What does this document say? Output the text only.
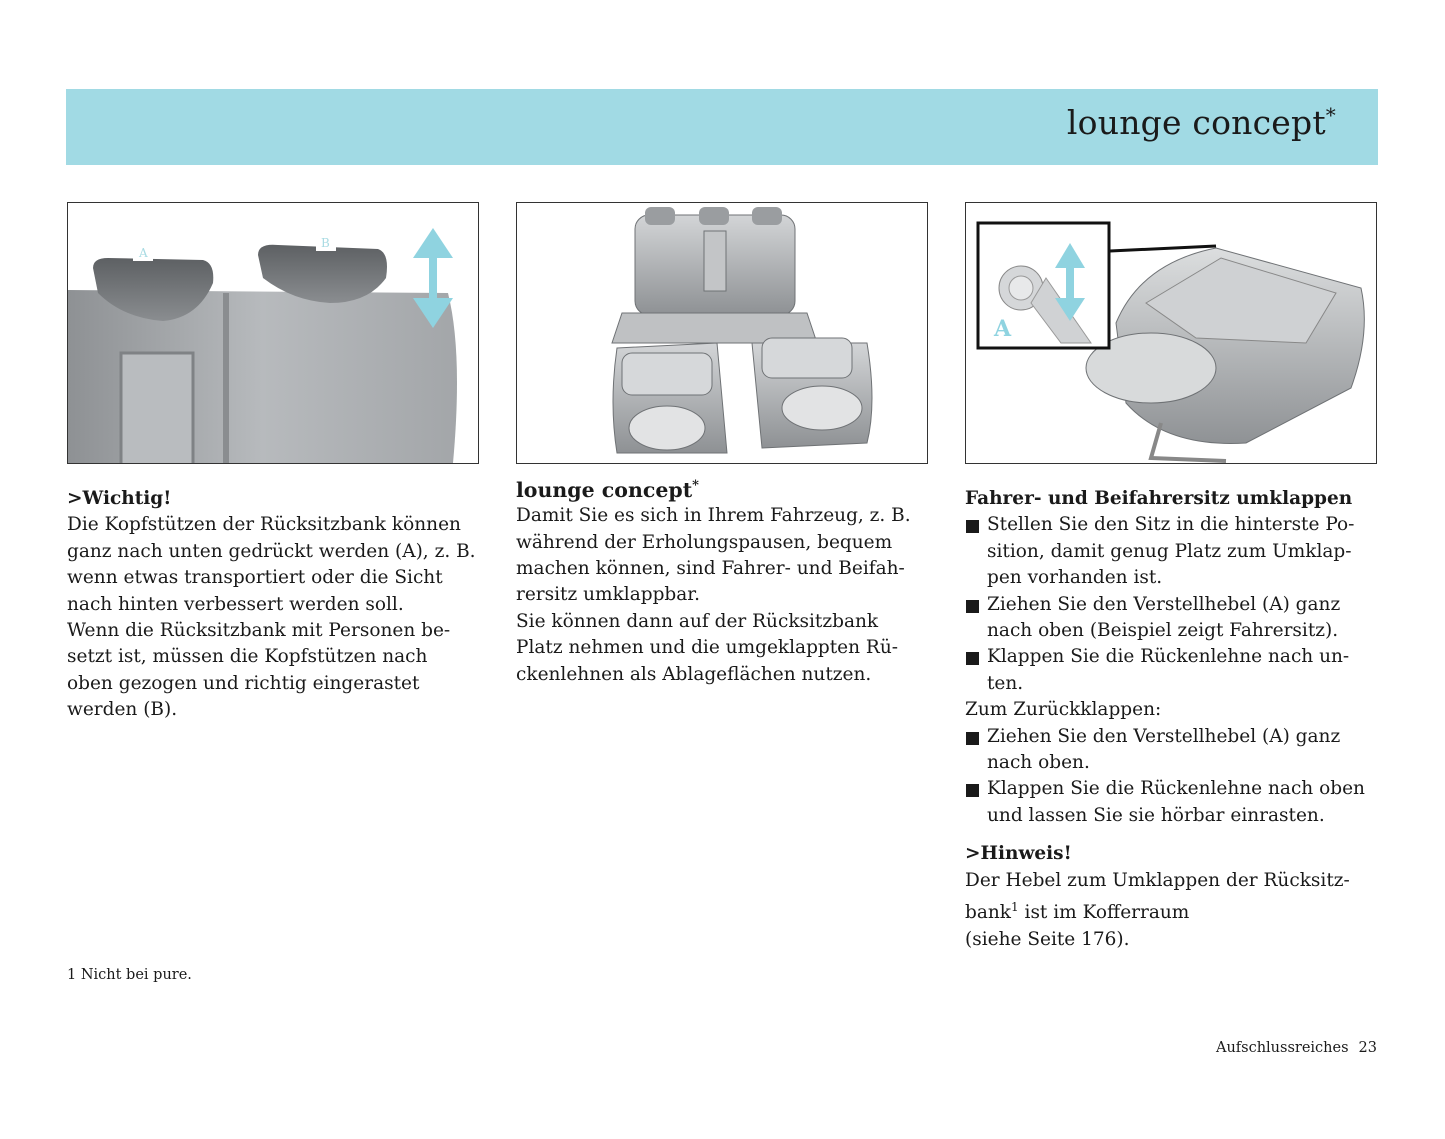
lounge concept*
A
B
A
>Wichtig!
Die Kopfstützen der Rücksitzbank können
ganz nach unten gedrückt werden (A), z. B.
wenn etwas transportiert oder die Sicht
nach hinten verbessert werden soll.
Wenn die Rücksitzbank mit Personen be-
setzt ist, müssen die Kopfstützen nach
oben gezogen und richtig eingerastet
werden (B).
lounge concept*
Damit Sie es sich in Ihrem Fahrzeug, z. B.
während der Erholungspausen, bequem
machen können, sind Fahrer- und Beifah-
rersitz umklappbar.
Sie können dann auf der Rücksitzbank
Platz nehmen und die umgeklappten Rü-
ckenlehnen als Ablageflächen nutzen.
Fahrer- und Beifahrersitz umklappen
Stellen Sie den Sitz in die hinterste Po-
sition, damit genug Platz zum Umklap-
pen vorhanden ist.
Ziehen Sie den Verstellhebel (A) ganz
nach oben (Beispiel zeigt Fahrersitz).
Klappen Sie die Rückenlehne nach un-
ten.
Zum Zurückklappen:
Ziehen Sie den Verstellhebel (A) ganz
nach oben.
Klappen Sie die Rückenlehne nach oben
und lassen Sie sie hörbar einrasten.
>Hinweis!
Der Hebel zum Umklappen der Rücksitz-
bank$^1$ ist im Kofferraum
(siehe Seite 176).
1 Nicht bei pure.
Aufschlussreiches 23
